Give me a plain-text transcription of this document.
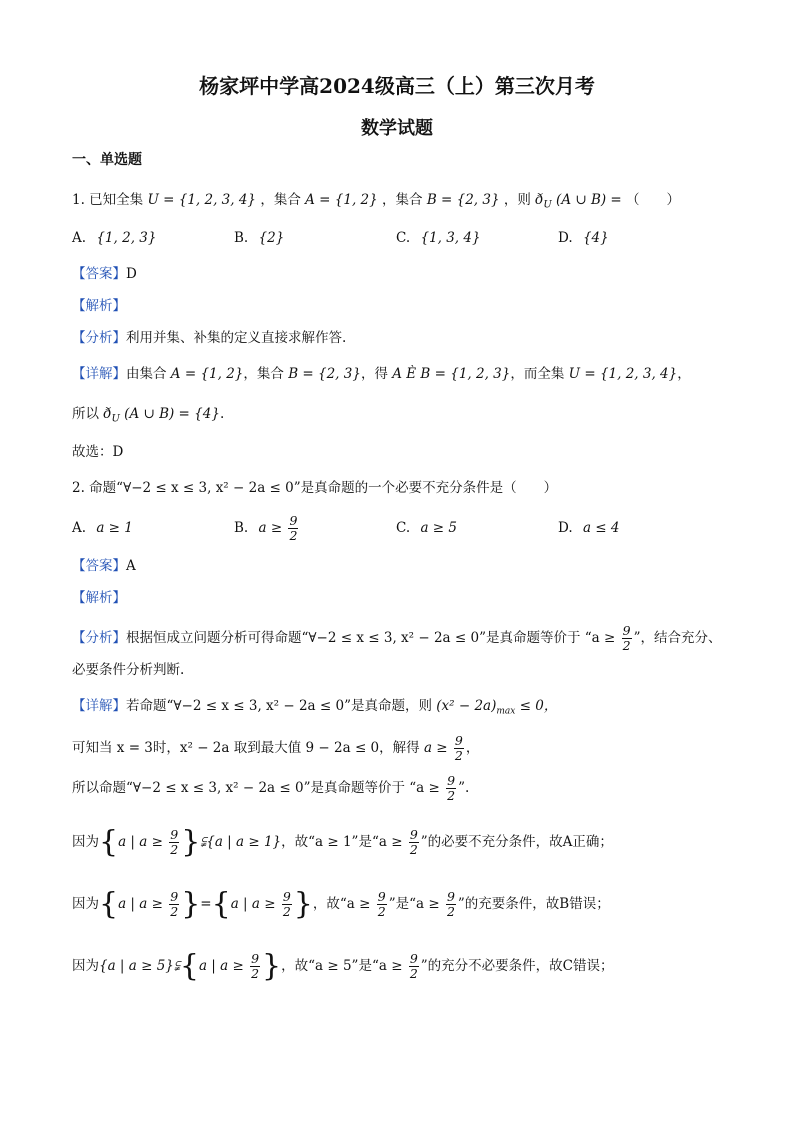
杨家坪中学高2024级高三（上）第三次月考
数学试题
一、单选题
1. 已知全集 U = {1, 2, 3, 4} ，集合 A = {1, 2} ，集合 B = {2, 3} ，则 $ð_U$ (A ∪ B) = （　　）
A. {1, 2, 3}	B. {2}	C. {1, 3, 4}	D. {4}
【答案】D
【解析】
【分析】利用并集、补集的定义直接求解作答.
【详解】由集合 A = {1, 2}，集合 B = {2, 3}，得 A È B = {1, 2, 3}，而全集 U = {1, 2, 3, 4}，
所以 $ð_U$ (A ∪ B) = {4}.
故选：D
2. 命题“∀−2 ≤ x ≤ 3, x² − 2a ≤ 0”是真命题的一个必要不充分条件是（　　）
A. a ≥ 1	B. $a \ge \frac{9}{2}$	C. a ≥ 5	D. a ≤ 4
【答案】A
【解析】
【分析】根据恒成立问题分析可得命题“∀−2 ≤ x ≤ 3, x² − 2a ≤ 0”是真命题等价于 “$a \ge \frac{9}{2}$ ”，结合充分、
必要条件分析判断.
【详解】若命题“∀−2 ≤ x ≤ 3, x² − 2a ≤ 0”是真命题，则 $(x^2 - 2a)_{max} \le 0$，
可知当 x = 3时，x² − 2a 取到最大值 9 − 2a ≤ 0，解得 $a \ge \frac{9}{2}$ ，
所以命题“∀−2 ≤ x ≤ 3, x² − 2a ≤ 0”是真命题等价于 “$a \ge \frac{9}{2}$ ”.
因为{a | $a \ge \frac{9}{2}$ }⫋{a | a ≥ 1}，故“a ≥ 1”是“$a \ge \frac{9}{2}$ ”的必要不充分条件，故A正确；
因为{a | $a \ge \frac{9}{2} \}=\{a$ | $a \ge \frac{9}{2}$ }，故“$a \ge \frac{9}{2}$ ”是“$a \ge \frac{9}{2}$ ”的充要条件，故B错误；
因为{a | a ≥ 5}⫋{a | $a \ge \frac{9}{2}$ }，故“a ≥ 5”是“$a \ge \frac{9}{2}$ ”的充分不必要条件，故C错误；
